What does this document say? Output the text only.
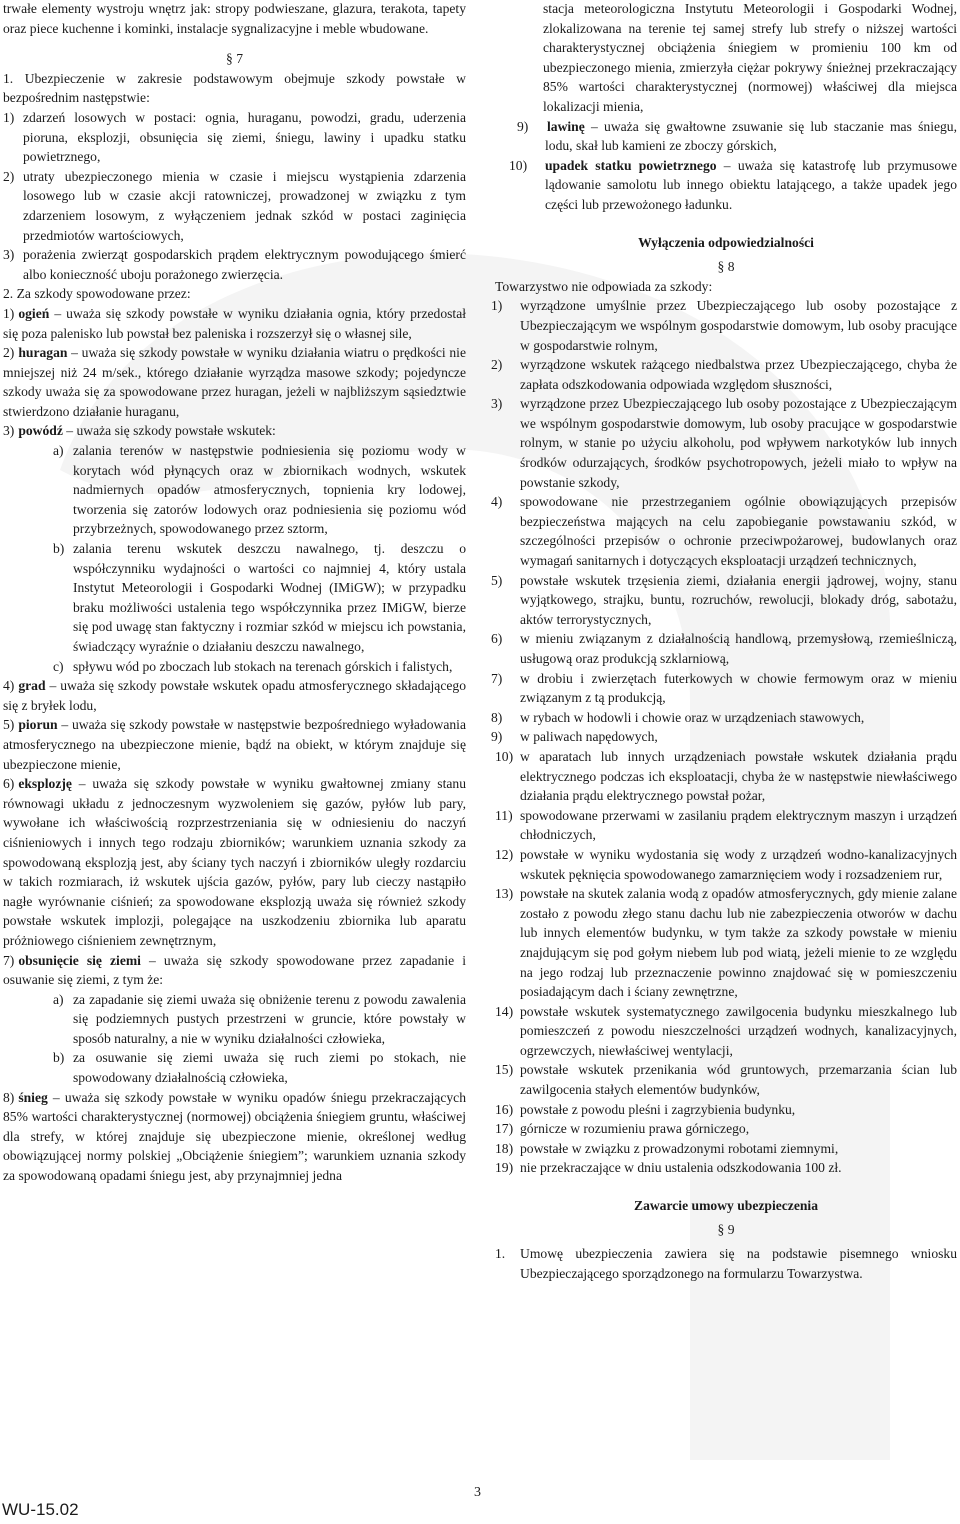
trwałe elementy wystroju wnętrz jak: stropy podwieszane, glazura, terakota, tapety oraz piece kuchenne i kominki, instalacje sygnalizacyjne i meble wbudowane.

§ 7

1. Ubezpieczenie w zakresie podstawowym obejmuje szkody powstałe w bezpośrednim następstwie:

1) zdarzeń losowych w postaci: ognia, huraganu, powodzi, gradu, uderzenia pioruna, eksplozji, obsunięcia się ziemi, śniegu, lawiny i upadku statku powietrznego,

2) utraty ubezpieczonego mienia w czasie i miejscu wystąpienia zdarzenia losowego lub w czasie akcji ratowniczej, prowadzonej w związku z tym zdarzeniem losowym, z wyłączeniem jednak szkód w postaci zaginięcia przedmiotów wartościowych,

3) porażenia zwierząt gospodarskich prądem elektrycznym powodującego śmierć albo konieczność uboju porażonego zwierzęcia.

2. Za szkody spowodowane przez:

1) ogień – uważa się szkody powstałe w wyniku działania ognia, który przedostał się poza palenisko lub powstał bez paleniska i rozszerzył się o własnej sile,

2) huragan – uważa się szkody powstałe w wyniku działania wiatru o prędkości nie mniejszej niż 24 m/sek., którego działanie wyrządza masowe szkody; pojedyncze szkody uważa się za spowodowane przez huragan, jeżeli w najbliższym sąsiedztwie stwierdzono działanie huraganu,

3) powódź – uważa się szkody powstałe wskutek:

a) zalania terenów w następstwie podniesienia się poziomu wody w korytach wód płynących oraz w zbiornikach wodnych, wskutek nadmiernych opadów atmosferycznych, topnienia kry lodowej, tworzenia się zatorów lodowych oraz podniesienia się poziomu wód przybrzeżnych, spowodowanego przez sztorm,

b) zalania terenu wskutek deszczu nawalnego, tj. deszczu o współczynniku wydajności o wartości co najmniej 4, który ustala Instytut Meteorologii i Gospodarki Wodnej (IMiGW); w przypadku braku możliwości ustalenia tego współczynnika przez IMiGW, bierze się pod uwagę stan faktyczny i rozmiar szkód w miejscu ich powstania, świadczący wyraźnie o działaniu deszczu nawalnego,

c) spływu wód po zboczach lub stokach na terenach górskich i falistych,

4) grad – uważa się szkody powstałe wskutek opadu atmosferycznego składającego się z bryłek lodu,

5) piorun – uważa się szkody powstałe w następstwie bezpośredniego wyładowania atmosferycznego na ubezpieczone mienie, bądź na obiekt, w którym znajduje się ubezpieczone mienie,

6) eksplozję – uważa się szkody powstałe w wyniku gwałtownej zmiany stanu równowagi układu z jednoczesnym wyzwoleniem się gazów, pyłów lub pary, wywołane ich właściwością rozprzestrzeniania się w odniesieniu do naczyń ciśnieniowych i innych tego rodzaju zbiorników; warunkiem uznania szkody za spowodowaną eksplozją jest, aby ściany tych naczyń i zbiorników uległy rozdarciu w takich rozmiarach, iż wskutek ujścia gazów, pyłów, pary lub cieczy nastąpiło nagłe wyrównanie ciśnień; za spowodowane eksplozją uważa się również szkody powstałe wskutek implozji, polegające na uszkodzeniu zbiornika lub aparatu próżniowego ciśnieniem zewnętrznym,

7) obsunięcie się ziemi – uważa się szkody spowodowane przez zapadanie i osuwanie się ziemi, z tym że:

a) za zapadanie się ziemi uważa się obniżenie terenu z powodu zawalenia się podziemnych pustych przestrzeni w gruncie, które powstały w sposób naturalny, a nie w wyniku działalności człowieka,

b) za osuwanie się ziemi uważa się ruch ziemi po stokach, nie spowodowany działalnością człowieka,

8) śnieg – uważa się szkody powstałe w wyniku opadów śniegu przekraczających 85% wartości charakterystycznej (normowej) obciążenia śniegiem gruntu, właściwej dla strefy, w której znajduje się ubezpieczone mienie, określonej według obowiązującej normy polskiej „Obciążenie śniegiem”; warunkiem uznania szkody za spowodowaną opadami śniegu jest, aby przynajmniej jedna

stacja meteorologiczna Instytutu Meteorologii i Gospodarki Wodnej, zlokalizowana na terenie tej samej strefy lub strefy o niższej wartości charakterystycznej obciążenia śniegiem w promieniu 100 km od ubezpieczonego mienia, zmierzyła ciężar pokrywy śnieżnej przekraczający 85% wartości charakterystycznej (normowej) właściwej dla miejsca lokalizacji mienia,

9) lawinę – uważa się gwałtowne zsuwanie się lub staczanie mas śniegu, lodu, skał lub kamieni ze zboczy górskich,

10) upadek statku powietrznego – uważa się katastrofę lub przymusowe lądowanie samolotu lub innego obiektu latającego, a także upadek jego części lub przewożonego ładunku.

Wyłączenia odpowiedzialności

§ 8

Towarzystwo nie odpowiada za szkody:

1) wyrządzone umyślnie przez Ubezpieczającego lub osoby pozostające z Ubezpieczającym we wspólnym gospodarstwie domowym, lub osoby pracujące w gospodarstwie rolnym,

2) wyrządzone wskutek rażącego niedbalstwa przez Ubezpieczającego, chyba że zapłata odszkodowania odpowiada względom słuszności,

3) wyrządzone przez Ubezpieczającego lub osoby pozostające z Ubezpieczającym we wspólnym gospodarstwie domowym, lub osoby pracujące w gospodarstwie rolnym, w stanie po użyciu alkoholu, pod wpływem narkotyków lub innych środków odurzających, środków psychotropowych, jeżeli miało to wpływ na powstanie szkody,

4) spowodowane nie przestrzeganiem ogólnie obowiązujących przepisów bezpieczeństwa mających na celu zapobieganie powstawaniu szkód, w szczególności przepisów o ochronie przeciwpożarowej, budowlanych oraz wymagań sanitarnych i dotyczących eksploatacji urządzeń technicznych,

5) powstałe wskutek trzęsienia ziemi, działania energii jądrowej, wojny, stanu wyjątkowego, strajku, buntu, rozruchów, rewolucji, blokady dróg, sabotażu, aktów terrorystycznych,

6) w mieniu związanym z działalnością handlową, przemysłową, rzemieślniczą, usługową oraz produkcją szklarniową,

7) w drobiu i zwierzętach futerkowych w chowie fermowym oraz w mieniu związanym z tą produkcją,

8) w rybach w hodowli i chowie oraz w urządzeniach stawowych,

9) w paliwach napędowych,

10) w aparatach lub innych urządzeniach powstałe wskutek działania prądu elektrycznego podczas ich eksploatacji, chyba że w następstwie niewłaściwego działania prądu elektrycznego powstał pożar,

11) spowodowane przerwami w zasilaniu prądem elektrycznym maszyn i urządzeń chłodniczych,

12) powstałe w wyniku wydostania się wody z urządzeń wodno-kanalizacyjnych wskutek pęknięcia spowodowanego zamarznięciem wody i rozsadzeniem rur,

13) powstałe na skutek zalania wodą z opadów atmosferycznych, gdy mienie zalane zostało z powodu złego stanu dachu lub nie zabezpieczenia otworów w dachu lub innych elementów budynku, w tym także za szkody powstałe w mieniu znajdującym się pod gołym niebem lub pod wiatą, jeżeli mienie to ze względu na jego rodzaj lub przeznaczenie powinno znajdować się w pomieszczeniu posiadającym dach i ściany zewnętrzne,

14) powstałe wskutek systematycznego zawilgocenia budynku mieszkalnego lub pomieszczeń z powodu nieszczelności urządzeń wodnych, kanalizacyjnych, ogrzewczych, niewłaściwej wentylacji,

15) powstałe wskutek przenikania wód gruntowych, przemarzania ścian lub zawilgocenia stałych elementów budynków,

16) powstałe z powodu pleśni i zagrzybienia budynku,

17) górnicze w rozumieniu prawa górniczego,

18) powstałe w związku z prowadzonymi robotami ziemnymi,

19) nie przekraczające w dniu ustalenia odszkodowania 100 zł.

Zawarcie umowy ubezpieczenia

§ 9

1. Umowę ubezpieczenia zawiera się na podstawie pisemnego wniosku Ubezpieczającego sporządzonego na formularzu Towarzystwa.

WU-15.02
3
